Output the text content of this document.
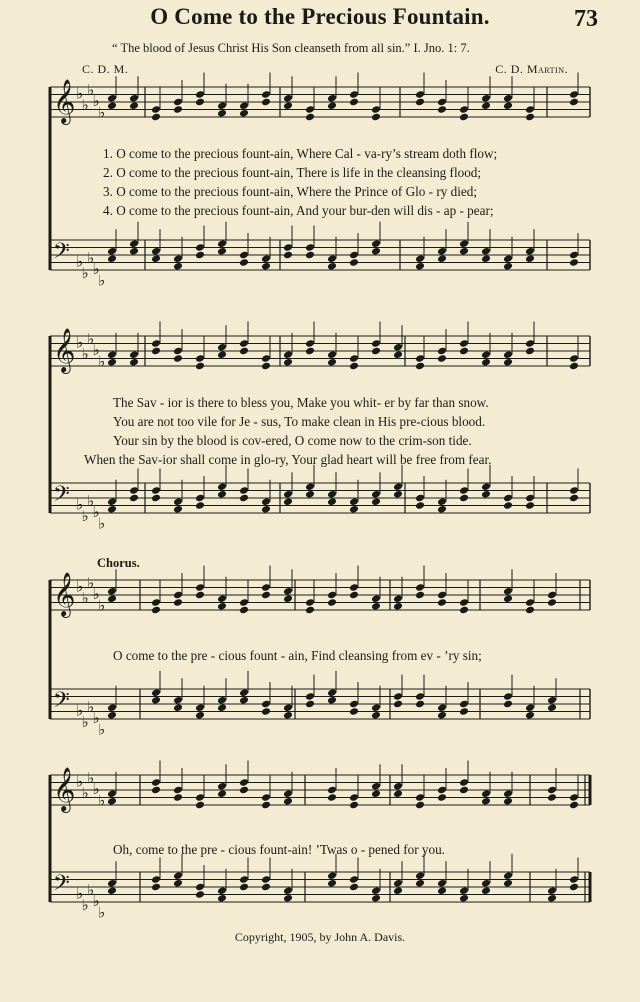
O Come to the Precious Fountain.	73
“ The blood of Jesus Christ His Son cleanseth from all sin.” I. Jno. 1: 7.
C. D. M.	C. D. Martin.
𝄞 ♭
♭
♭
♭
♭
𝄢 ♭
♭
♭
♭
♭
𝄞 ♭
♭
♭
♭
♭
𝄢 ♭
♭
♭
♭
♭
𝄞 ♭
♭
♭
♭
♭
𝄢 ♭
♭
♭
♭
♭
𝄞 ♭
♭
♭
♭
♭
𝄢 ♭
♭
♭
♭
♭
1. O come to the precious fount-ain, Where Cal - va-ry’s stream doth flow;
2. O come to the precious fount-ain, There is life in the cleansing flood;
3. O come to the precious fount-ain, Where the Prince of Glo - ry died;
4. O come to the precious fount-ain, And your bur-den will dis - ap - pear;
The Sav - ior is there to bless you, Make you whit- er by far than snow.
You are not too vile for Je - sus, To make clean in His pre-cious blood.
Your sin by the blood is cov-ered, O come now to the crim-son tide.
When the Sav-ior shall come in glo-ry, Your glad heart will be free from fear.
Chorus.
O come to the pre - cious fount - ain, Find cleansing from ev - ’ry sin;
Oh, come to the pre - cious fount-ain! ’Twas o - pened for you.
Copyright, 1905, by John A. Davis.
